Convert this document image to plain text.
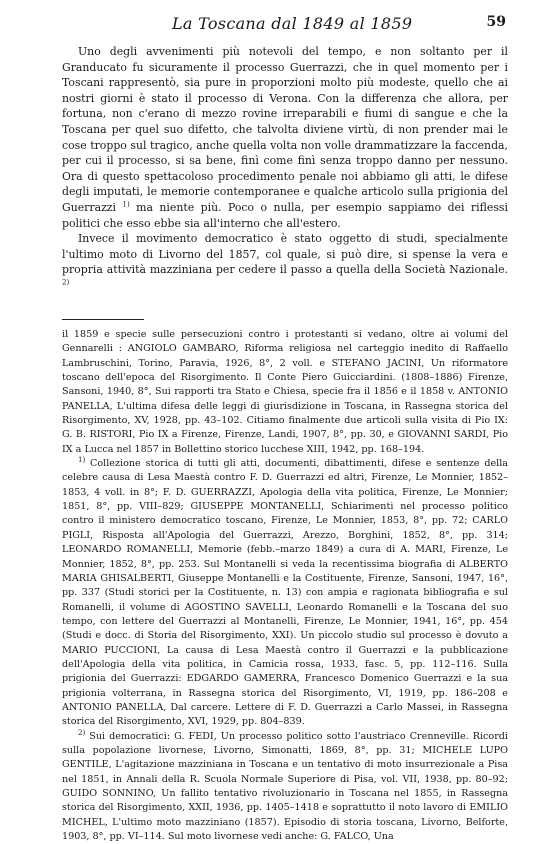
La Toscana dal 1849 al 1859	59

Uno degli avvenimenti più notevoli del tempo, e non soltanto per il Granducato fu sicuramente il processo Guerrazzi, che in quel momento per i Toscani rappresentò, sia pure in proporzioni molto più modeste, quello che ai nostri giorni è stato il processo di Verona. Con la differenza che allora, per fortuna, non c'erano di mezzo rovine irreparabili e fiumi di sangue e che la Toscana per quel suo difetto, che talvolta diviene virtù, di non prender mai le cose troppo sul tragico, anche quella volta non volle drammatizzare la faccenda, per cui il processo, si sa bene, finì come finì senza troppo danno per nessuno. Ora di questo spettacoloso procedimento penale noi abbiamo gli atti, le difese degli imputati, le memorie contemporanee e qualche articolo sulla prigionia del Guerrazzi $^{1)}$ ma niente più. Poco o nulla, per esempio sappiamo dei riflessi politici che esso ebbe sia all'interno che all'estero.

Invece il movimento democratico è stato oggetto di studi, specialmente l'ultimo moto di Livorno del 1857, col quale, si può dire, si spense la vera e propria attività mazziniana per cedere il passo a quella della Società Nazionale. $^{2)}$

il 1859 e specie sulle persecuzioni contro i protestanti si vedano, oltre ai volumi del Gennarelli : ANGIOLO GAMBARO, Riforma religiosa nel carteggio inedito di Raffaello Lambruschini, Torino, Paravia, 1926, 8°, 2 voll. e STEFANO JACINI, Un riformatore toscano dell'epoca del Risorgimento. Il Conte Piero Guicciardini. (1808–1886) Firenze, Sansoni, 1940, 8°, Sui rapporti tra Stato e Chiesa, specie fra il 1856 e il 1858 v. ANTONIO PANELLA, L'ultima difesa delle leggi di giurisdizione in Toscana, in Rassegna storica del Risorgimento, XV, 1928, pp. 43–102. Citiamo finalmente due articoli sulla visita di Pio IX: G. B. RISTORI, Pio IX a Firenze, Firenze, Landi, 1907, 8°, pp. 30, e GIOVANNI SARDI, Pio IX a Lucca nel 1857 in Bollettino storico lucchese XIII, 1942, pp. 168–194.

$^{1)}$ Collezione storica di tutti gli atti, documenti, dibattimenti, difese e sentenze della celebre causa di Lesa Maestà contro F. D. Guerrazzi ed altri, Firenze, Le Monnier, 1852–1853, 4 voll. in 8°; F. D. GUERRAZZI, Apologia della vita politica, Firenze, Le Monnier; 1851, 8°, pp. VIII–829; GIUSEPPE MONTANELLI, Schiarimenti nel processo politico contro il ministero democratico toscano, Firenze, Le Monnier, 1853, 8°, pp. 72; CARLO PIGLI, Risposta all'Apologia del Guerrazzi, Arezzo, Borghini, 1852, 8°, pp. 314; LEONARDO ROMANELLI, Memorie (febb.–marzo 1849) a cura di A. MARI, Firenze, Le Monnier, 1852, 8°, pp. 253. Sul Montanelli si veda la recentissima biografia di ALBERTO MARIA GHISALBERTI, Giuseppe Montanelli e la Costituente, Firenze, Sansoni, 1947, 16°, pp. 337 (Studi storici per la Costituente, n. 13) con ampia e ragionata bibliografia e sul Romanelli, il volume di AGOSTINO SAVELLI, Leonardo Romanelli e la Toscana del suo tempo, con lettere del Guerrazzi al Montanelli, Firenze, Le Monnier, 1941, 16°, pp. 454 (Studi e docc. di Storia del Risorgimento, XXI). Un piccolo studio sul processo è dovuto a MARIO PUCCIONI, La causa di Lesa Maestà contro il Guerrazzi e la pubblicazione dell'Apologia della vita politica, in Camicia rossa, 1933, fasc. 5, pp. 112–116. Sulla prigionia del Guerrazzi: EDGARDO GAMERRA, Francesco Domenico Guerrazzi e la sua prigionia volterrana, in Rassegna storica del Risorgimento, VI, 1919, pp. 186–208 e ANTONIO PANELLA, Dal carcere. Lettere di F. D. Guerrazzi a Carlo Massei, in Rassegna storica del Risorgimento, XVI, 1929, pp. 804–839.

$^{2)}$ Sui democratici: G. FEDI, Un processo politico sotto l'austriaco Crenneville. Ricordi sulla popolazione livornese, Livorno, Simonatti, 1869, 8°, pp. 31; MICHELE LUPO GENTILE, L'agitazione mazziniana in Toscana e un tentativo di moto insurrezionale a Pisa nel 1851, in Annali della R. Scuola Normale Superiore di Pisa, vol. VII, 1938, pp. 80–92; GUIDO SONNINO, Un fallito tentativo rivoluzionario in Toscana nel 1855, in Rassegna storica del Risorgimento, XXII, 1936, pp. 1405–1418 e soprattutto il noto lavoro di EMILIO MICHEL, L'ultimo moto mazziniano (1857). Episodio di storia toscana, Livorno, Belforte, 1903, 8°, pp. VI–114. Sul moto livornese vedi anche: G. FALCO, Una
